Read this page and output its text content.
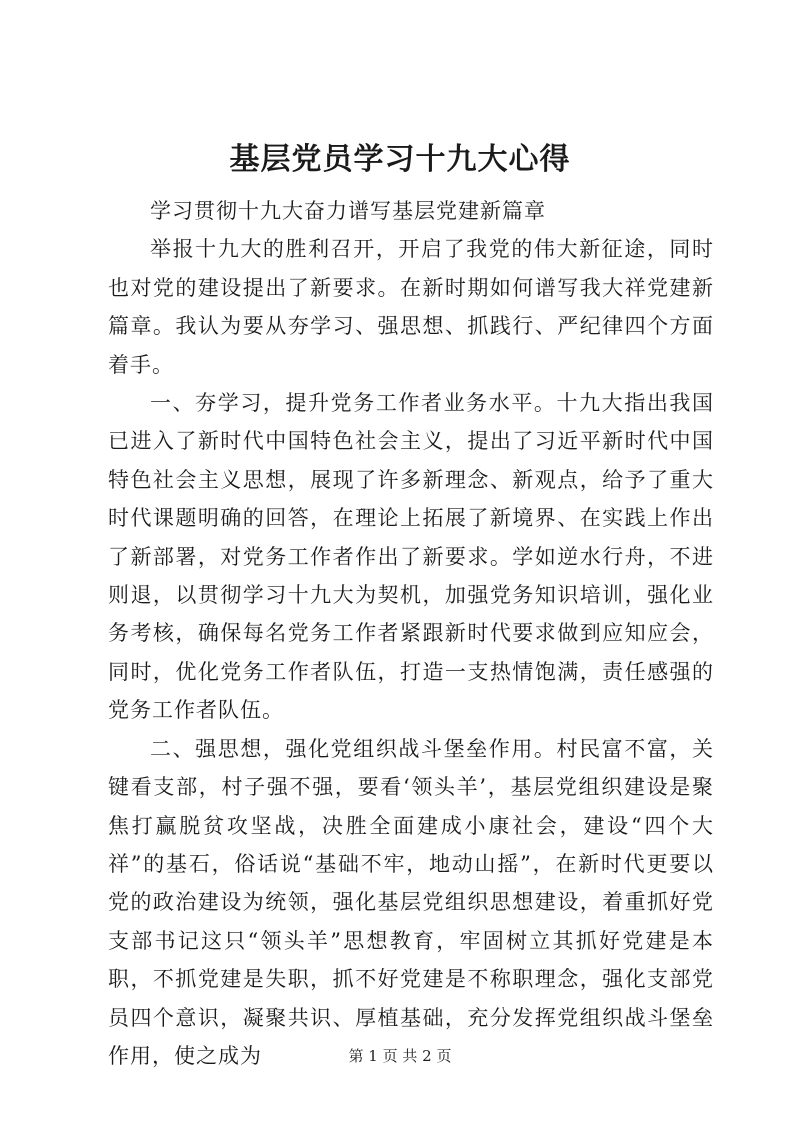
基层党员学习十九大心得

学习贯彻十九大奋力谱写基层党建新篇章

举报十九大的胜利召开，开启了我党的伟大新征途，同时也对党的建设提出了新要求。在新时期如何谱写我大祥党建新篇章。我认为要从夯学习、强思想、抓践行、严纪律四个方面着手。

一、夯学习，提升党务工作者业务水平。十九大指出我国已进入了新时代中国特色社会主义，提出了习近平新时代中国特色社会主义思想，展现了许多新理念、新观点，给予了重大时代课题明确的回答，在理论上拓展了新境界、在实践上作出了新部署，对党务工作者作出了新要求。学如逆水行舟，不进则退，以贯彻学习十九大为契机，加强党务知识培训，强化业务考核，确保每名党务工作者紧跟新时代要求做到应知应会，同时，优化党务工作者队伍，打造一支热情饱满，责任感强的党务工作者队伍。

二、强思想，强化党组织战斗堡垒作用。村民富不富，关键看支部，村子强不强，要看‘领头羊’，基层党组织建设是聚焦打赢脱贫攻坚战，决胜全面建成小康社会，建设“四个大祥”的基石，俗话说“基础不牢，地动山摇”，在新时代更要以党的政治建设为统领，强化基层党组织思想建设，着重抓好党支部书记这只“领头羊”思想教育，牢固树立其抓好党建是本职，不抓党建是失职，抓不好党建是不称职理念，强化支部党员四个意识，凝聚共识、厚植基础，充分发挥党组织战斗堡垒作用，使之成为	第 1 页 共 2 页
